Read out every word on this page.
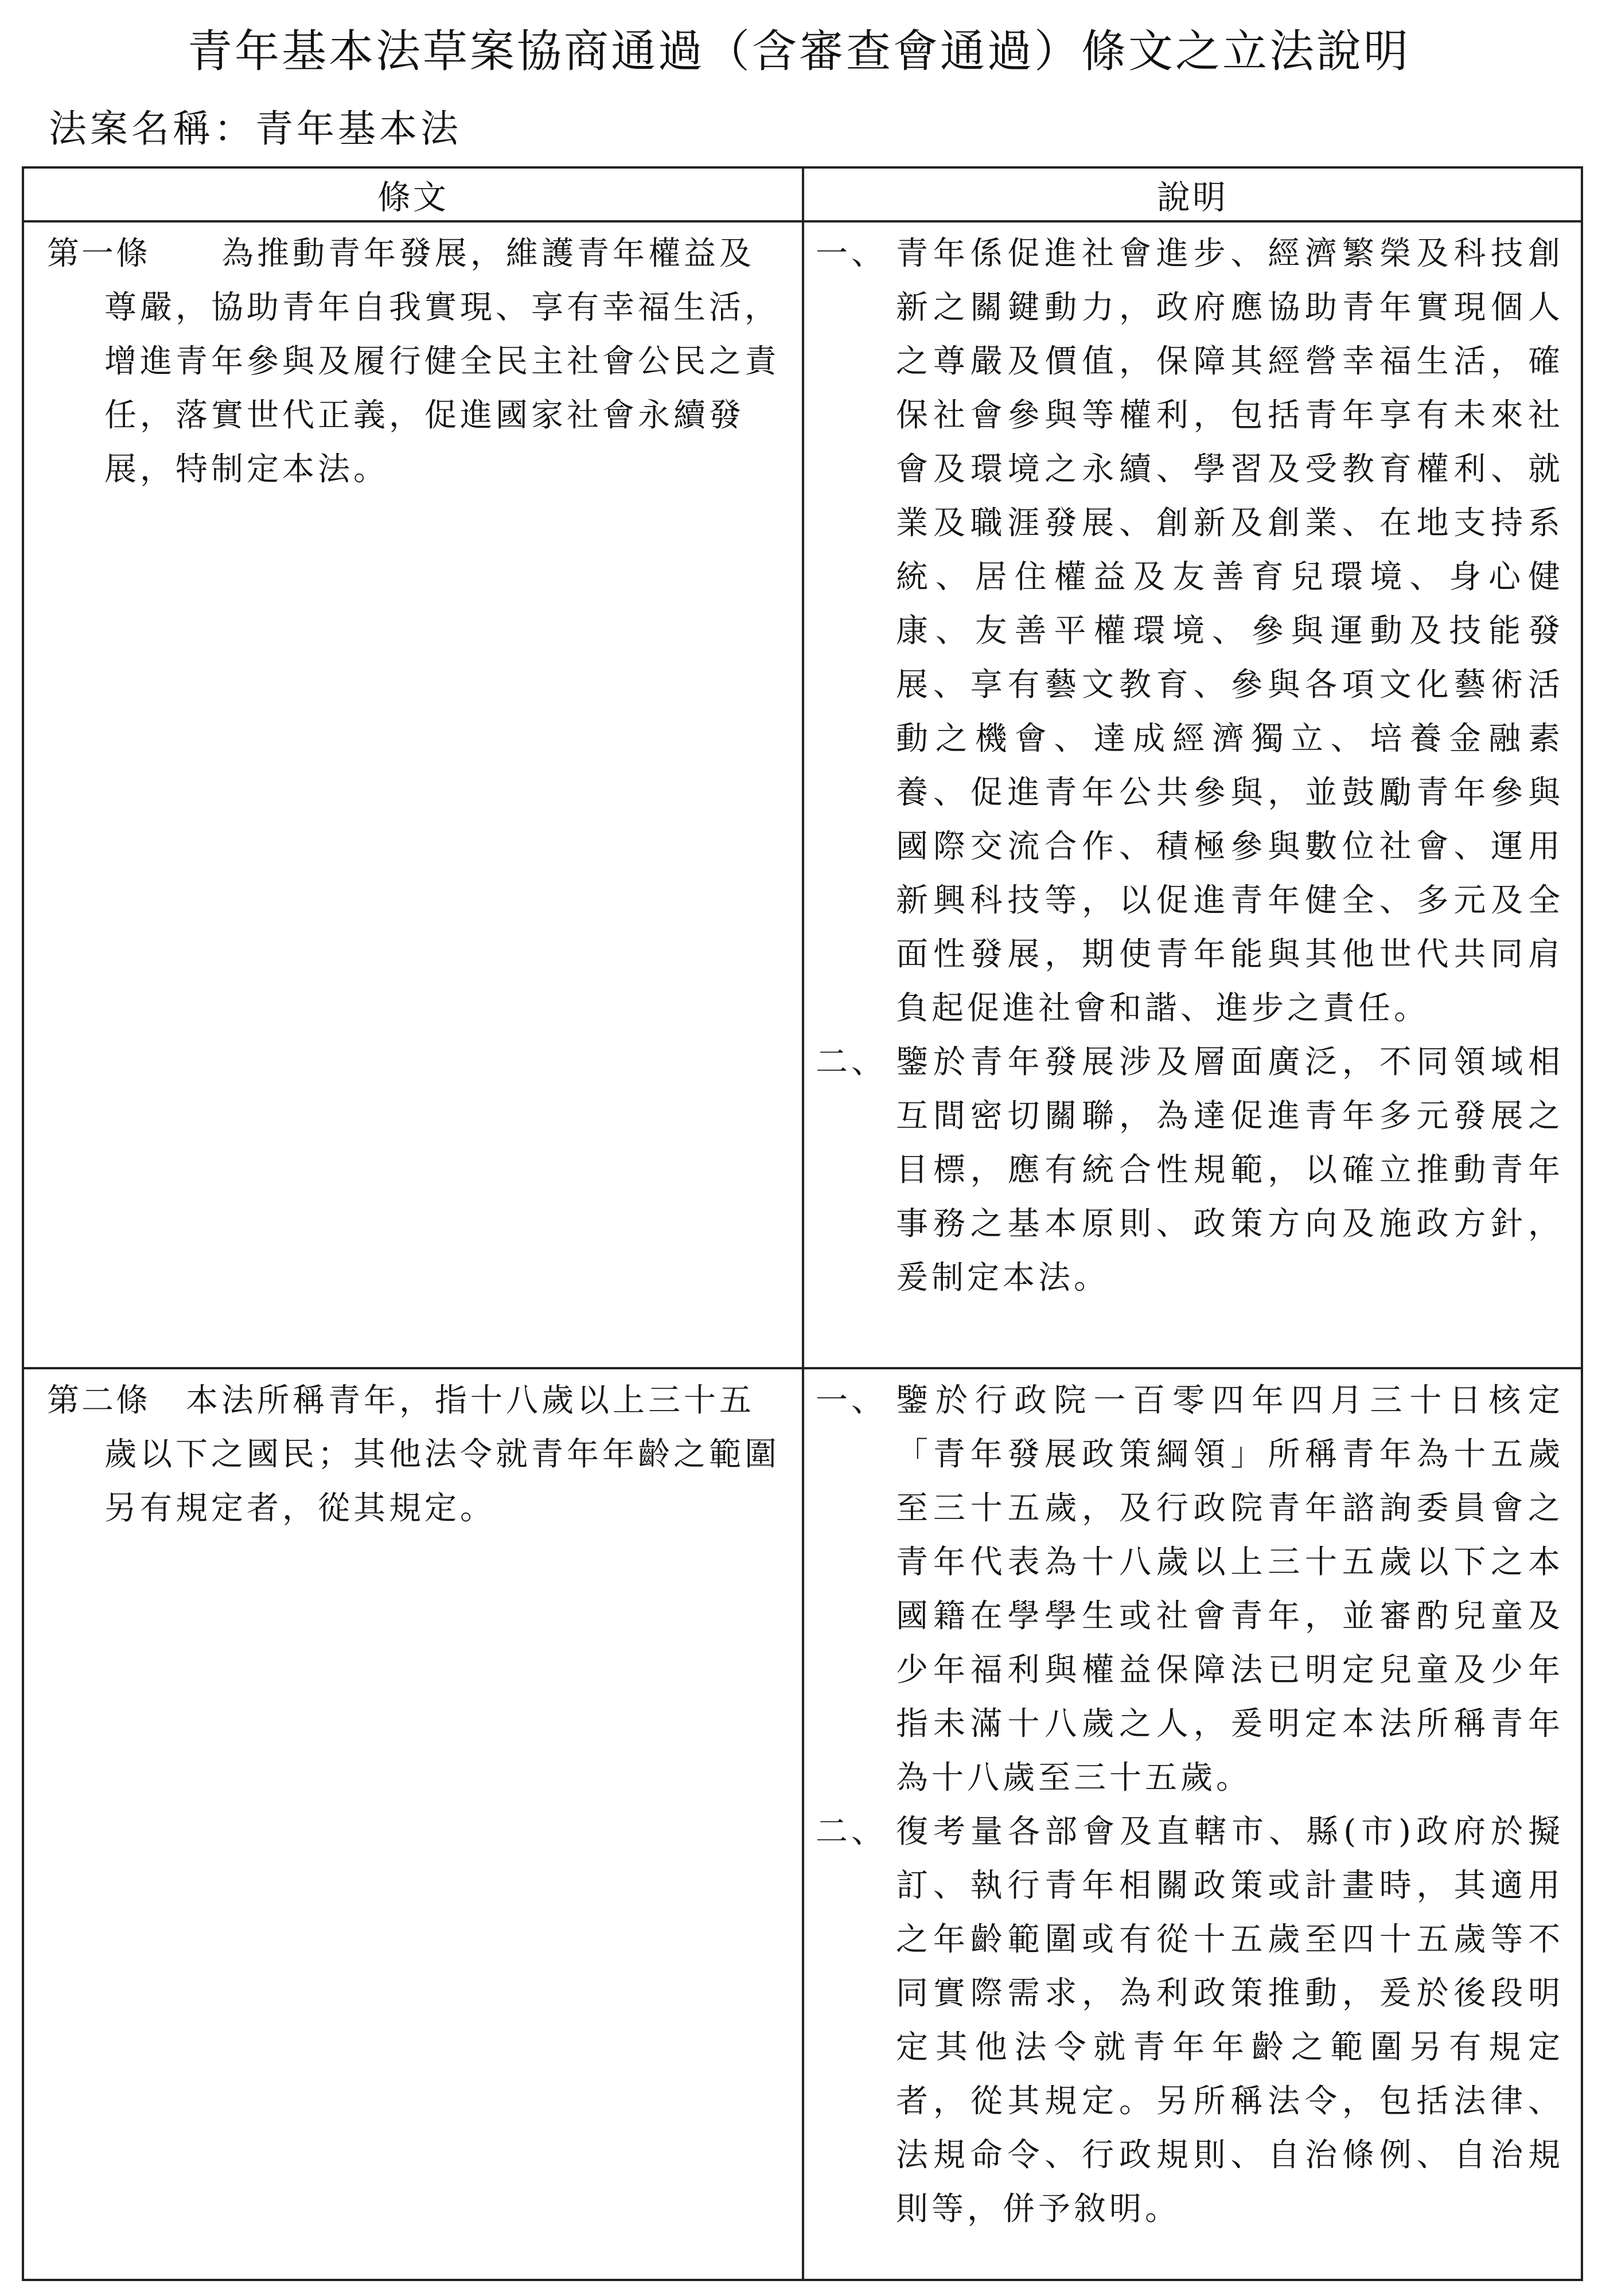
青年基本法草案協商通過（含審查會通過）條文之立法說明
法案名稱：青年基本法
條文	說明

第一條　　 為推動青年發展，維護青年權益及尊嚴，協助青年自我實現、享有幸福生活，增進青年參與及履行健全民主社會公民之責任，落實世代正義，促進國家社會永續發展，特制定本法。	一、 青年係促進社會進步、經濟繁榮及科技創新之關鍵動力，政府應協助青年實現個人之尊嚴及價值，保障其經營幸福生活，確保社會參與等權利，包括青年享有未來社會及環境之永續、學習及受教育權利、就業及職涯發展、創新及創業、在地支持系統、居住權益及友善育兒環境、身心健康、友善平權環境、參與運動及技能發展、享有藝文教育、參與各項文化藝術活動之機會、達成經濟獨立、培養金融素養、促進青年公共參與，並鼓勵青年參與國際交流合作、積極參與數位社會、運用新興科技等，以促進青年健全、多元及全面性發展，期使青年能與其他世代共同肩負起促進社會和諧、進步之責任。
二、 鑒於青年發展涉及層面廣泛，不同領域相互間密切關聯，為達促進青年多元發展之目標，應有統合性規範，以確立推動青年事務之基本原則、政策方向及施政方針，爰制定本法。

第二條　 本法所稱青年，指十八歲以上三十五歲以下之國民；其他法令就青年年齡之範圍另有規定者，從其規定。	一、 鑒於行政院一百零四年四月三十日核定「青年發展政策綱領」所稱青年為十五歲至三十五歲，及行政院青年諮詢委員會之青年代表為十八歲以上三十五歲以下之本國籍在學學生或社會青年，並審酌兒童及少年福利與權益保障法已明定兒童及少年指未滿十八歲之人，爰明定本法所稱青年為十八歲至三十五歲。
二、 復考量各部會及直轄市、縣(市)政府於擬訂、執行青年相關政策或計畫時，其適用之年齡範圍或有從十五歲至四十五歲等不同實際需求，為利政策推動，爰於後段明定其他法令就青年年齡之範圍另有規定者，從其規定。另所稱法令，包括法律、法規命令、行政規則、自治條例、自治規則等，併予敘明。
